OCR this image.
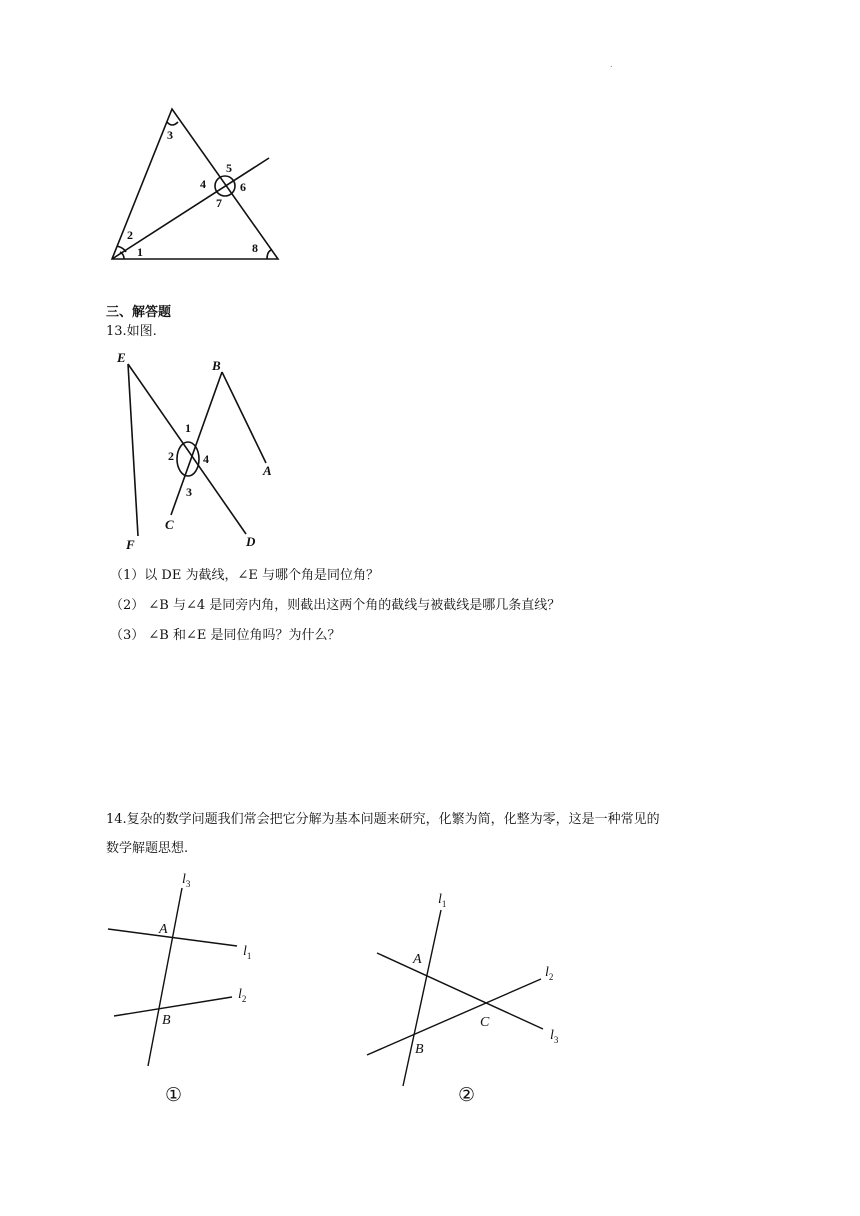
.
3
4
5
6
7
2
1	8
三、解答题
13.如图.
E
B
A
C
F	D
1
2 4
3
（1）以 DE 为截线，∠E 与哪个角是同位角？
（2） ∠B 与∠4 是同旁内角，则截出这两个角的截线与被截线是哪几条直线？
（3） ∠B 和∠E 是同位角吗？为什么？
14.复杂的数学问题我们常会把它分解为基本问题来研究，化繁为简，化整为零，这是一种常见的
数学解题思想.
$l_3$
$l_1$
$l_2$
A
B
①
$l_1$
$l_2$
$l_3$
A
B
C
②
